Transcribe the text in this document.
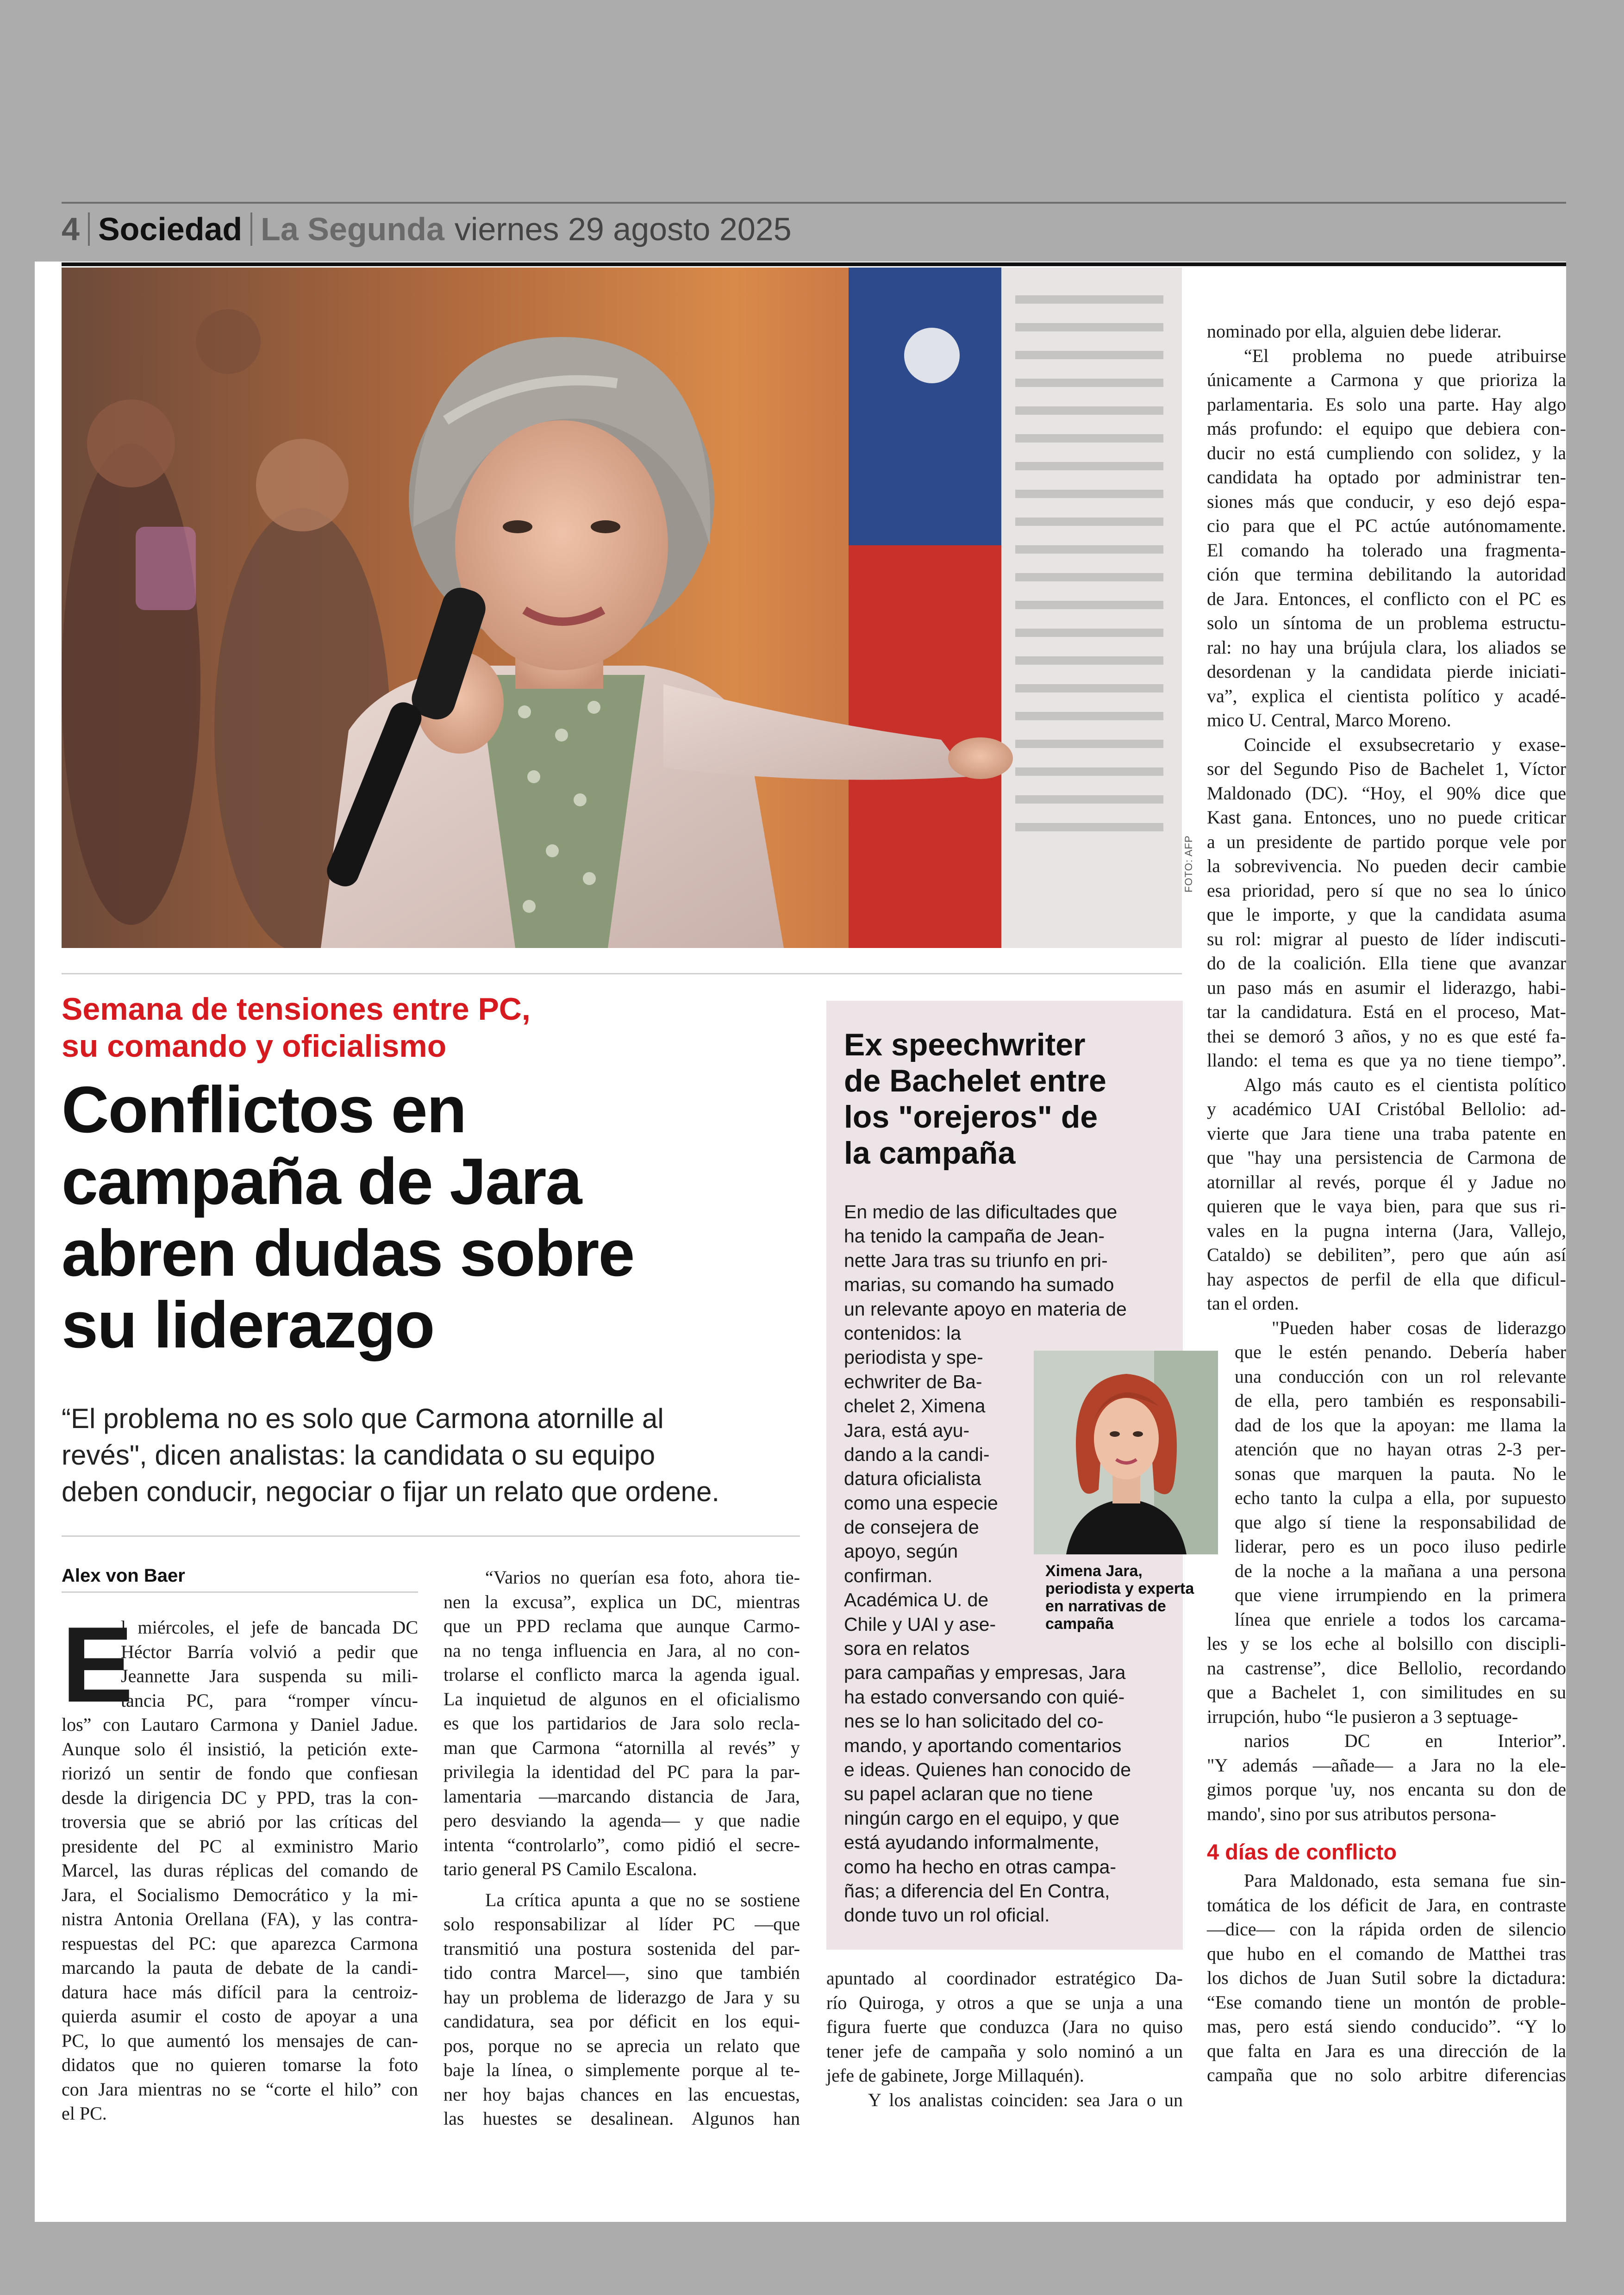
4 Sociedad La Segunda viernes 29 agosto 2025
FOTO: AFP
Semana de tensiones entre PC,
su comando y oficialismo
Conflictos en
campaña de Jara
abren dudas sobre
su liderazgo
“El problema no es solo que Carmona atornille al
revés", dicen analistas: la candidata o su equipo
deben conducir, negociar o fijar un relato que ordene.
Alex von Baer
l miércoles, el jefe de bancada DC
Héctor Barría volvió a pedir que
Jeannette Jara suspenda su mili-
tancia PC, para “romper víncu-
los” con Lautaro Carmona y Daniel Jadue.
Aunque solo él insistió, la petición exte-
riorizó un sentir de fondo que confiesan
desde la dirigencia DC y PPD, tras la con-
troversia que se abrió por las críticas del
presidente del PC al exministro Mario
Marcel, las duras réplicas del comando de
Jara, el Socialismo Democrático y la mi-
nistra Antonia Orellana (FA), y las contra-
respuestas del PC: que aparezca Carmona
marcando la pauta de debate de la candi-
datura hace más difícil para la centroiz-
quierda asumir el costo de apoyar a una
PC, lo que aumentó los mensajes de can-
didatos que no quieren tomarse la foto
con Jara mientras no se “corte el hilo” con
el PC.
E
“Varios no querían esa foto, ahora tie-
nen la excusa”, explica un DC, mientras
que un PPD reclama que aunque Carmo-
na no tenga influencia en Jara, al no con-
trolarse el conflicto marca la agenda igual.
La inquietud de algunos en el oficialismo
es que los partidarios de Jara solo recla-
man que Carmona “atornilla al revés” y
privilegia la identidad del PC para la par-
lamentaria —marcando distancia de Jara,
pero desviando la agenda— y que nadie
intenta “controlarlo”, como pidió el secre-
tario general PS Camilo Escalona.
La crítica apunta a que no se sostiene
solo responsabilizar al líder PC —que
transmitió una postura sostenida del par-
tido contra Marcel—, sino que también
hay un problema de liderazgo de Jara y su
candidatura, sea por déficit en los equi-
pos, porque no se aprecia un relato que
baje la línea, o simplemente porque al te-
ner hoy bajas chances en las encuestas,
las huestes se desalinean. Algunos han
Ex speechwriter
de Bachelet entre
los "orejeros" de
la campaña
En medio de las dificultades que
ha tenido la campaña de Jean-
nette Jara tras su triunfo en pri-
marias, su comando ha sumado
un relevante apoyo en materia de
contenidos: la
periodista y spe-
echwriter de Ba-
chelet 2, Ximena
Jara, está ayu-
dando a la candi-
datura oficialista
como una especie
de consejera de
apoyo, según
confirman.
Académica U. de
Chile y UAI y ase-
sora en relatos
para campañas y empresas, Jara
ha estado conversando con quié-
nes se lo han solicitado del co-
mando, y aportando comentarios
e ideas. Quienes han conocido de
su papel aclaran que no tiene
ningún cargo en el equipo, y que
está ayudando informalmente,
como ha hecho en otras campa-
ñas; a diferencia del En Contra,
donde tuvo un rol oficial.
Ximena Jara,
periodista y experta
en narrativas de
campaña
apuntado al coordinador estratégico Da-
río Quiroga, y otros a que se unja a una
figura fuerte que conduzca (Jara no quiso
tener jefe de campaña y solo nominó a un
jefe de gabinete, Jorge Millaquén).
Y los analistas coinciden: sea Jara o un
nominado por ella, alguien debe liderar.
“El problema no puede atribuirse
únicamente a Carmona y que prioriza la
parlamentaria. Es solo una parte. Hay algo
más profundo: el equipo que debiera con-
ducir no está cumpliendo con solidez, y la
candidata ha optado por administrar ten-
siones más que conducir, y eso dejó espa-
cio para que el PC actúe autónomamente.
El comando ha tolerado una fragmenta-
ción que termina debilitando la autoridad
de Jara. Entonces, el conflicto con el PC es
solo un síntoma de un problema estructu-
ral: no hay una brújula clara, los aliados se
desordenan y la candidata pierde iniciati-
va”, explica el cientista político y acadé-
mico U. Central, Marco Moreno.
Coincide el exsubsecretario y exase-
sor del Segundo Piso de Bachelet 1, Víctor
Maldonado (DC). “Hoy, el 90% dice que
Kast gana. Entonces, uno no puede criticar
a un presidente de partido porque vele por
la sobrevivencia. No pueden decir cambie
esa prioridad, pero sí que no sea lo único
que le importe, y que la candidata asuma
su rol: migrar al puesto de líder indiscuti-
do de la coalición. Ella tiene que avanzar
un paso más en asumir el liderazgo, habi-
tar la candidatura. Está en el proceso, Mat-
thei se demoró 3 años, y no es que esté fa-
llando: el tema es que ya no tiene tiempo”.
Algo más cauto es el cientista político
y académico UAI Cristóbal Bellolio: ad-
vierte que Jara tiene una traba patente en
que "hay una persistencia de Carmona de
atornillar al revés, porque él y Jadue no
quieren que le vaya bien, para que sus ri-
vales en la pugna interna (Jara, Vallejo,
Cataldo) se debiliten”, pero que aún así
hay aspectos de perfil de ella que dificul-
tan el orden.
"Pueden haber cosas de liderazgo
que le estén penando. Debería haber
una conducción con un rol relevante
de ella, pero también es responsabili-
dad de los que la apoyan: me llama la
atención que no hayan otras 2-3 per-
sonas que marquen la pauta. No le
echo tanto la culpa a ella, por supuesto
que algo sí tiene la responsabilidad de
liderar, pero es un poco iluso pedirle
de la noche a la mañana a una persona
que viene irrumpiendo en la primera
línea que enriele a todos los carcama-
les y se los eche al bolsillo con discipli-
na castrense”, dice Bellolio, recordando
que a Bachelet 1, con similitudes en su
irrupción, hubo “le pusieron a 3 septuage-
narios DC en Interior”.
"Y además —añade— a Jara no la ele-
gimos porque 'uy, nos encanta su don de
mando', sino por sus atributos persona-
4 días de conflicto
Para Maldonado, esta semana fue sin-
tomática de los déficit de Jara, en contraste
—dice— con la rápida orden de silencio
que hubo en el comando de Matthei tras
los dichos de Juan Sutil sobre la dictadura:
“Ese comando tiene un montón de proble-
mas, pero está siendo conducido”. “Y lo
que falta en Jara es una dirección de la
campaña que no solo arbitre diferencias
